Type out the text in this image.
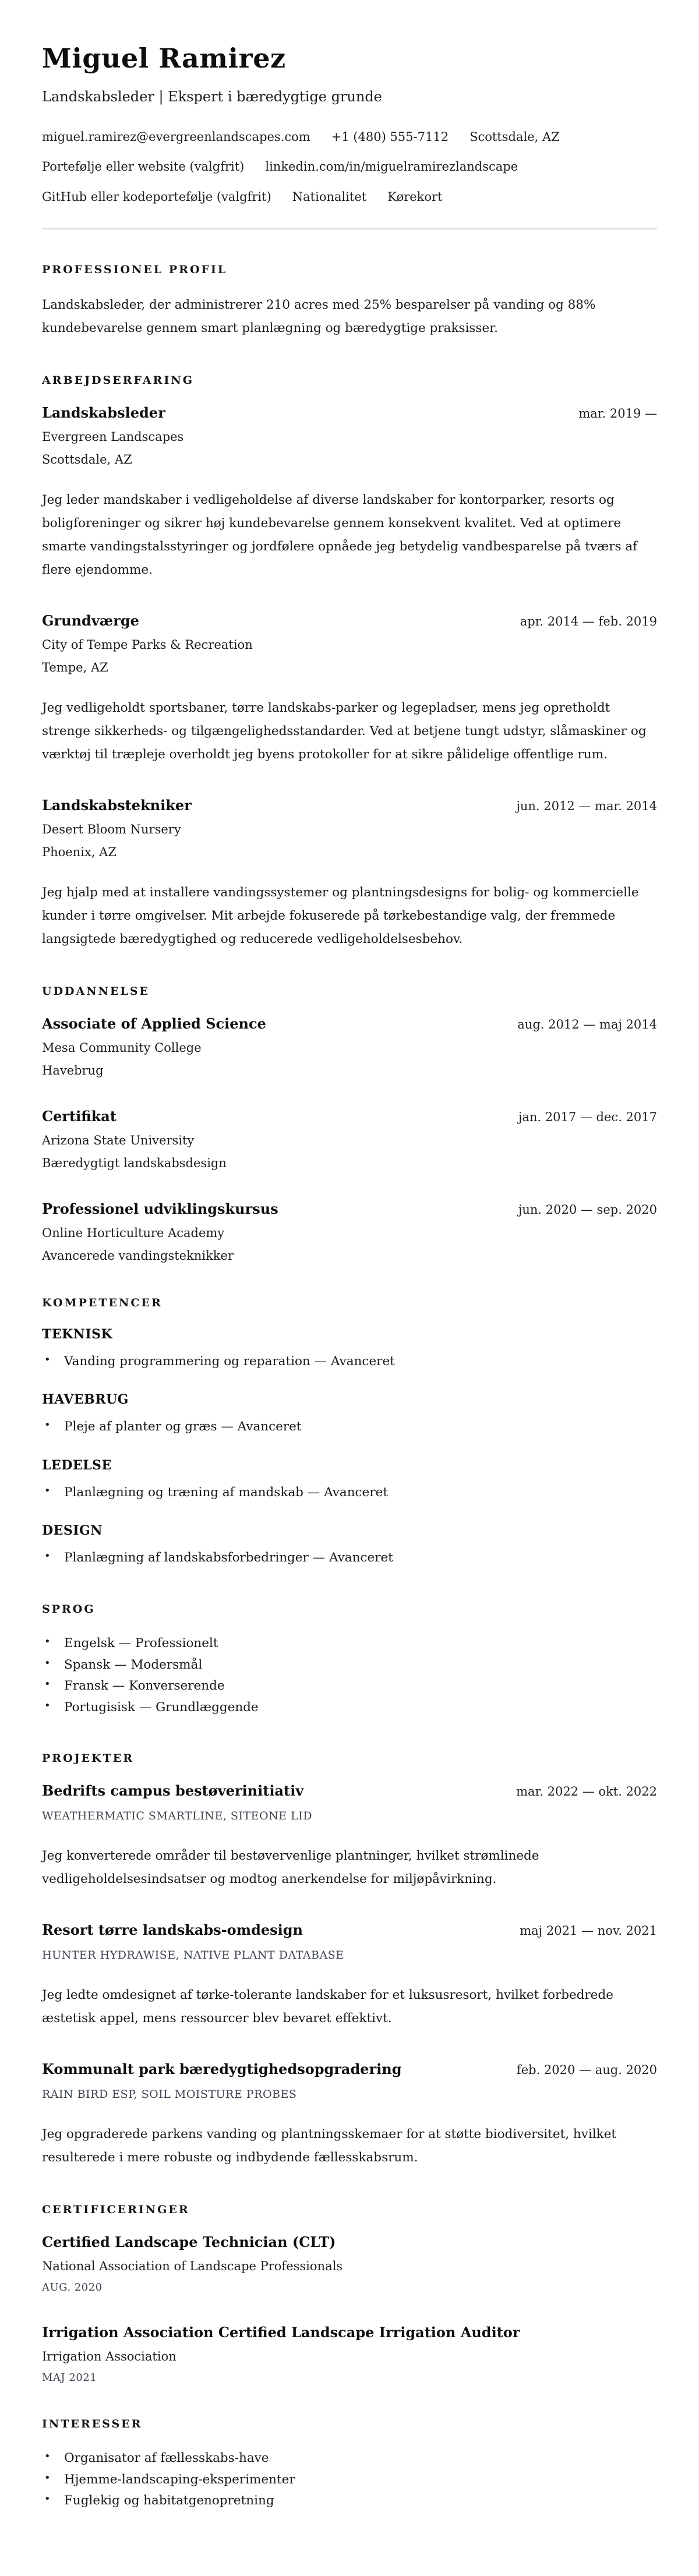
Miguel Ramirez

Landskabsleder | Ekspert i bæredygtige grunde

miguel.ramirez@evergreenlandscapes.com +1 (480) 555-7112 Scottsdale, AZ
Portefølje eller website (valgfrit) linkedin.com/in/miguelramirezlandscape
GitHub eller kodeportefølje (valgfrit) Nationalitet Kørekort
PROFESSIONEL PROFIL

Landskabsleder, der administrerer 210 acres med 25% besparelser på vanding og 88% kundebevarelse gennem smart planlægning og bæredygtige praksisser.

ARBEJDSERFARING
Landskabsleder	mar. 2019 —
Evergreen Landscapes
Scottsdale, AZ

Jeg leder mandskaber i vedligeholdelse af diverse landskaber for kontorparker, resorts og boligforeninger og sikrer høj kundebevarelse gennem konsekvent kvalitet. Ved at optimere smarte vandingstalsstyringer og jordfølere opnåede jeg betydelig vandbesparelse på tværs af flere ejendomme.

Grundværge	apr. 2014 — feb. 2019
City of Tempe Parks & Recreation
Tempe, AZ

Jeg vedligeholdt sportsbaner, tørre landskabs-parker og legepladser, mens jeg opretholdt strenge sikkerheds- og tilgængelighedsstandarder. Ved at betjene tungt udstyr, slåmaskiner og værktøj til træpleje overholdt jeg byens protokoller for at sikre pålidelige offentlige rum.

Landskabstekniker	jun. 2012 — mar. 2014
Desert Bloom Nursery
Phoenix, AZ

Jeg hjalp med at installere vandingssystemer og plantningsdesigns for bolig- og kommercielle kunder i tørre omgivelser. Mit arbejde fokuserede på tørkebestandige valg, der fremmede langsigtede bæredygtighed og reducerede vedligeholdelsesbehov.

UDDANNELSE
Associate of Applied Science	aug. 2012 — maj 2014
Mesa Community College
Havebrug
Certifikat	jan. 2017 — dec. 2017
Arizona State University
Bæredygtigt landskabsdesign
Professionel udviklingskursus	jun. 2020 — sep. 2020
Online Horticulture Academy
Avancerede vandingsteknikker
KOMPETENCER
TEKNISK
• Vanding programmering og reparation — Avanceret
HAVEBRUG
• Pleje af planter og græs — Avanceret
LEDELSE
• Planlægning og træning af mandskab — Avanceret
DESIGN
• Planlægning af landskabsforbedringer — Avanceret
SPROG
• Engelsk — Professionelt
• Spansk — Modersmål
• Fransk — Konverserende
• Portugisisk — Grundlæggende
PROJEKTER
Bedrifts campus bestøverinitiativ	mar. 2022 — okt. 2022
WEATHERMATIC SMARTLINE, SITEONE LID

Jeg konverterede områder til bestøvervenlige plantninger, hvilket strømlinede vedligeholdelsesindsatser og modtog anerkendelse for miljøpåvirkning.

Resort tørre landskabs-omdesign	maj 2021 — nov. 2021
HUNTER HYDRAWISE, NATIVE PLANT DATABASE

Jeg ledte omdesignet af tørke-tolerante landskaber for et luksusresort, hvilket forbedrede æstetisk appel, mens ressourcer blev bevaret effektivt.

Kommunalt park bæredygtighedsopgradering	feb. 2020 — aug. 2020
RAIN BIRD ESP, SOIL MOISTURE PROBES

Jeg opgraderede parkens vanding og plantningsskemaer for at støtte biodiversitet, hvilket resulterede i mere robuste og indbydende fællesskabsrum.

CERTIFICERINGER
Certified Landscape Technician (CLT)
National Association of Landscape Professionals
AUG. 2020
Irrigation Association Certified Landscape Irrigation Auditor
Irrigation Association
MAJ 2021
INTERESSER
• Organisator af fællesskabs-have
• Hjemme-landscaping-eksperimenter
• Fuglekig og habitatgenopretning
